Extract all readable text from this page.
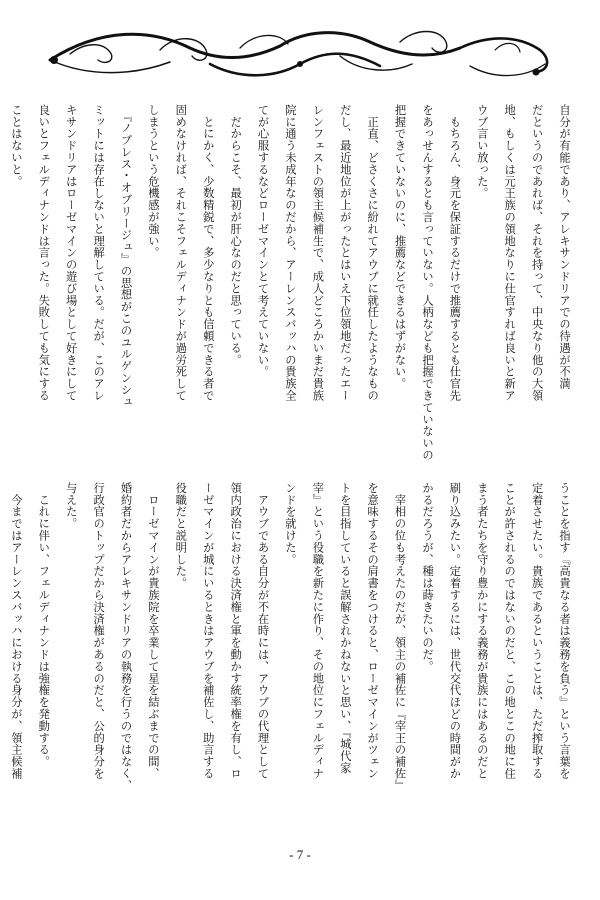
自分が有能であり、アレキサンドリアでの待遇が不満
だというのであれば、それを持って、中央なり他の大領
地、もしくは元王族の領地なりに仕官すれば良いと新ア
ウブ言い放った。
　もちろん、身元を保証するだけで推薦するとも仕官先
をあっせんするとも言っていない。人柄なども把握できていないの
把握できていないのに、推薦などできるはずがない。
　正直、どさくさに紛れてアウブに就任したようなもの
だし、最近地位が上がったとはいえ下位領地だったエー
レンフェストの領主候補生で、成人どころかいまだ貴族
院に通う未成年なのだから、アーレンスバッハの貴族全
てが心服するなどローゼマインとて考えていない。
　だからこそ、最初が肝心なのだと思っている。
　とにかく、少数精鋭で、多少なりとも信頼できる者で
固めなければ、それこそフェルディナンドが過労死して
しまうという危機感が強い。
　『ノブレス・オブリージュ』の思想がこのユルゲンシュ
ミットには存在しないと理解している。だが、このアレ
キサンドリアはローゼマインの遊び場として好きにして
良いとフェルディナンドは言った。失敗しても気にする
ことはないと。
うことを指す『高貴なる者は義務を負う』という言葉を
定着させたい。貴族であるということは、ただ搾取する
ことが許されるのではないのだと、この地とこの地に住
まう者たちを守り豊かにする義務が貴族にはあるのだと
刷り込みたい。定着するには、世代交代ほどの時間がか
かるだろうが、種は蒔きたいのだ。
　宰相の位も考えたのだが、領主の補佐に『宰王の補佐』
を意味するその肩書をつけると、ローゼマインがツェン
トを目指していると誤解されかねないと思い、『城代家
宰』という役職を新たに作り、その地位にフェルディナ
ンドを就けた。
　アウブである自分が不在時には、アウブの代理として
領内政治における決済権と軍を動かす統率権を有し、ロ
ーゼマインが城にいるときはアウブを補佐し、助言する
役職だと説明した。
　ローゼマインが貴族院を卒業して星を結ぶまでの間、
婚約者だからアレキサンドリアの執務を行うのではなく、
行政官のトップだから決済権があるのだと、公的身分を
与えた。
　これに伴い、フェルディナンドは強権を発動する。
　今まではアーレンスバッハにおける身分が、領主候補
- 7 -
